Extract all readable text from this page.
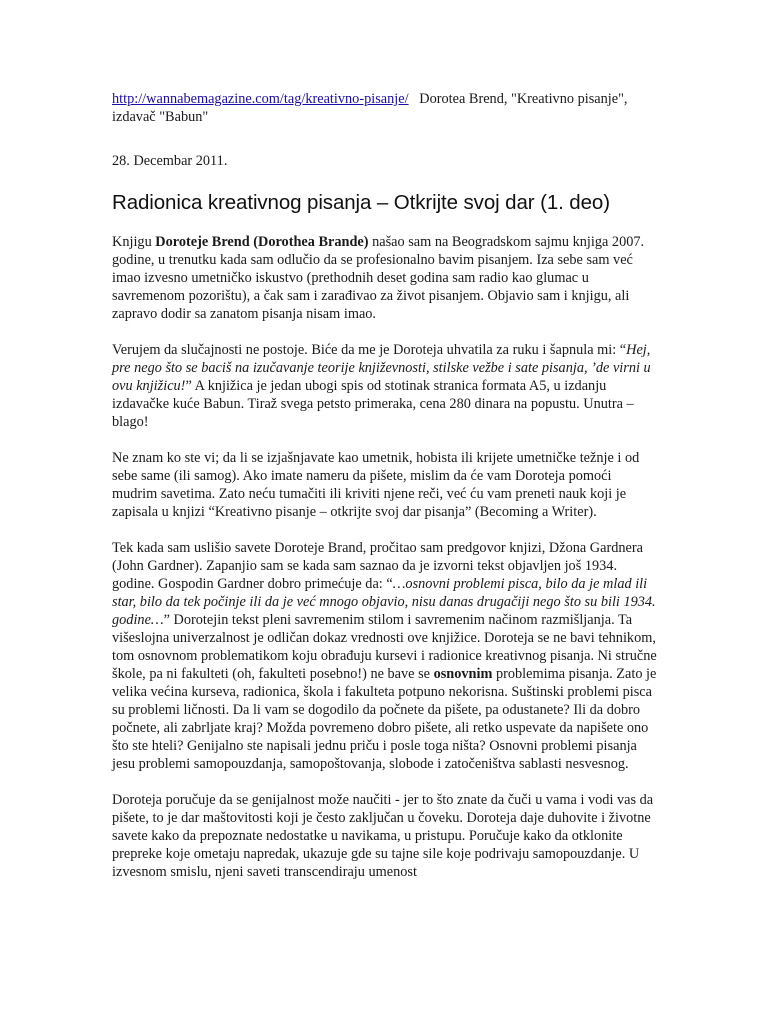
http://wannabemagazine.com/tag/kreativno-pisanje/ Dorotea Brend, "Kreativno pisanje", izdavač "Babun"

28. Decembar 2011.

Radionica kreativnog pisanja – Otkrijte svoj dar (1. deo)

Knjigu Doroteje Brend (Dorothea Brande) našao sam na Beogradskom sajmu knjiga 2007. godine, u trenutku kada sam odlučio da se profesionalno bavim pisanjem. Iza sebe sam već imao izvesno umetničko iskustvo (prethodnih deset godina sam radio kao glumac u savremenom pozorištu), a čak sam i zarađivao za život pisanjem. Objavio sam i knjigu, ali zapravo dodir sa zanatom pisanja nisam imao.

Verujem da slučajnosti ne postoje. Biće da me je Doroteja uhvatila za ruku i šapnula mi: “Hej, pre nego što se baciš na izučavanje teorije književnosti, stilske vežbe i sate pisanja, ’de virni u ovu knjižicu!” A knjižica je jedan ubogi spis od stotinak stranica formata A5, u izdanju izdavačke kuće Babun. Tiraž svega petsto primeraka, cena 280 dinara na popustu. Unutra – blago!

Ne znam ko ste vi; da li se izjašnjavate kao umetnik, hobista ili krijete umetničke težnje i od sebe same (ili samog). Ako imate nameru da pišete, mislim da će vam Doroteja pomoći mudrim savetima. Zato neću tumačiti ili kriviti njene reči, već ću vam preneti nauk koji je zapisala u knjizi “Kreativno pisanje – otkrijte svoj dar pisanja” (Becoming a Writer).

Tek kada sam uslišio savete Doroteje Brand, pročitao sam predgovor knjizi, Džona Gardnera (John Gardner). Zapanjio sam se kada sam saznao da je izvorni tekst objavljen još 1934. godine. Gospodin Gardner dobro primećuje da: “…osnovni problemi pisca, bilo da je mlad ili star, bilo da tek počinje ili da je već mnogo objavio, nisu danas drugačiji nego što su bili 1934. godine…” Dorotejin tekst pleni savremenim stilom i savremenim načinom razmišljanja. Ta višeslojna univerzalnost je odličan dokaz vrednosti ove knjižice. Doroteja se ne bavi tehnikom, tom osnovnom problematikom koju obrađuju kursevi i radionice kreativnog pisanja. Ni stručne škole, pa ni fakulteti (oh, fakulteti posebno!) ne bave se osnovnim problemima pisanja. Zato je velika većina kurseva, radionica, škola i fakulteta potpuno nekorisna. Suštinski problemi pisca su problemi ličnosti. Da li vam se dogodilo da počnete da pišete, pa odustanete? Ili da dobro počnete, ali zabrljate kraj? Možda povremeno dobro pišete, ali retko uspevate da napišete ono što ste hteli? Genijalno ste napisali jednu priču i posle toga ništa? Osnovni problemi pisanja jesu problemi samopouzdanja, samopoštovanja, slobode i zatočeništva sablasti nesvesnog.

Doroteja poručuje da se genijalnost može naučiti - jer to što znate da čuči u vama i vodi vas da pišete, to je dar maštovitosti koji je često zaključan u čoveku. Doroteja daje duhovite i životne savete kako da prepoznate nedostatke u navikama, u pristupu. Poručuje kako da otklonite prepreke koje ometaju napredak, ukazuje gde su tajne sile koje podrivaju samopouzdanje. U izvesnom smislu, njeni saveti transcendiraju umenost
